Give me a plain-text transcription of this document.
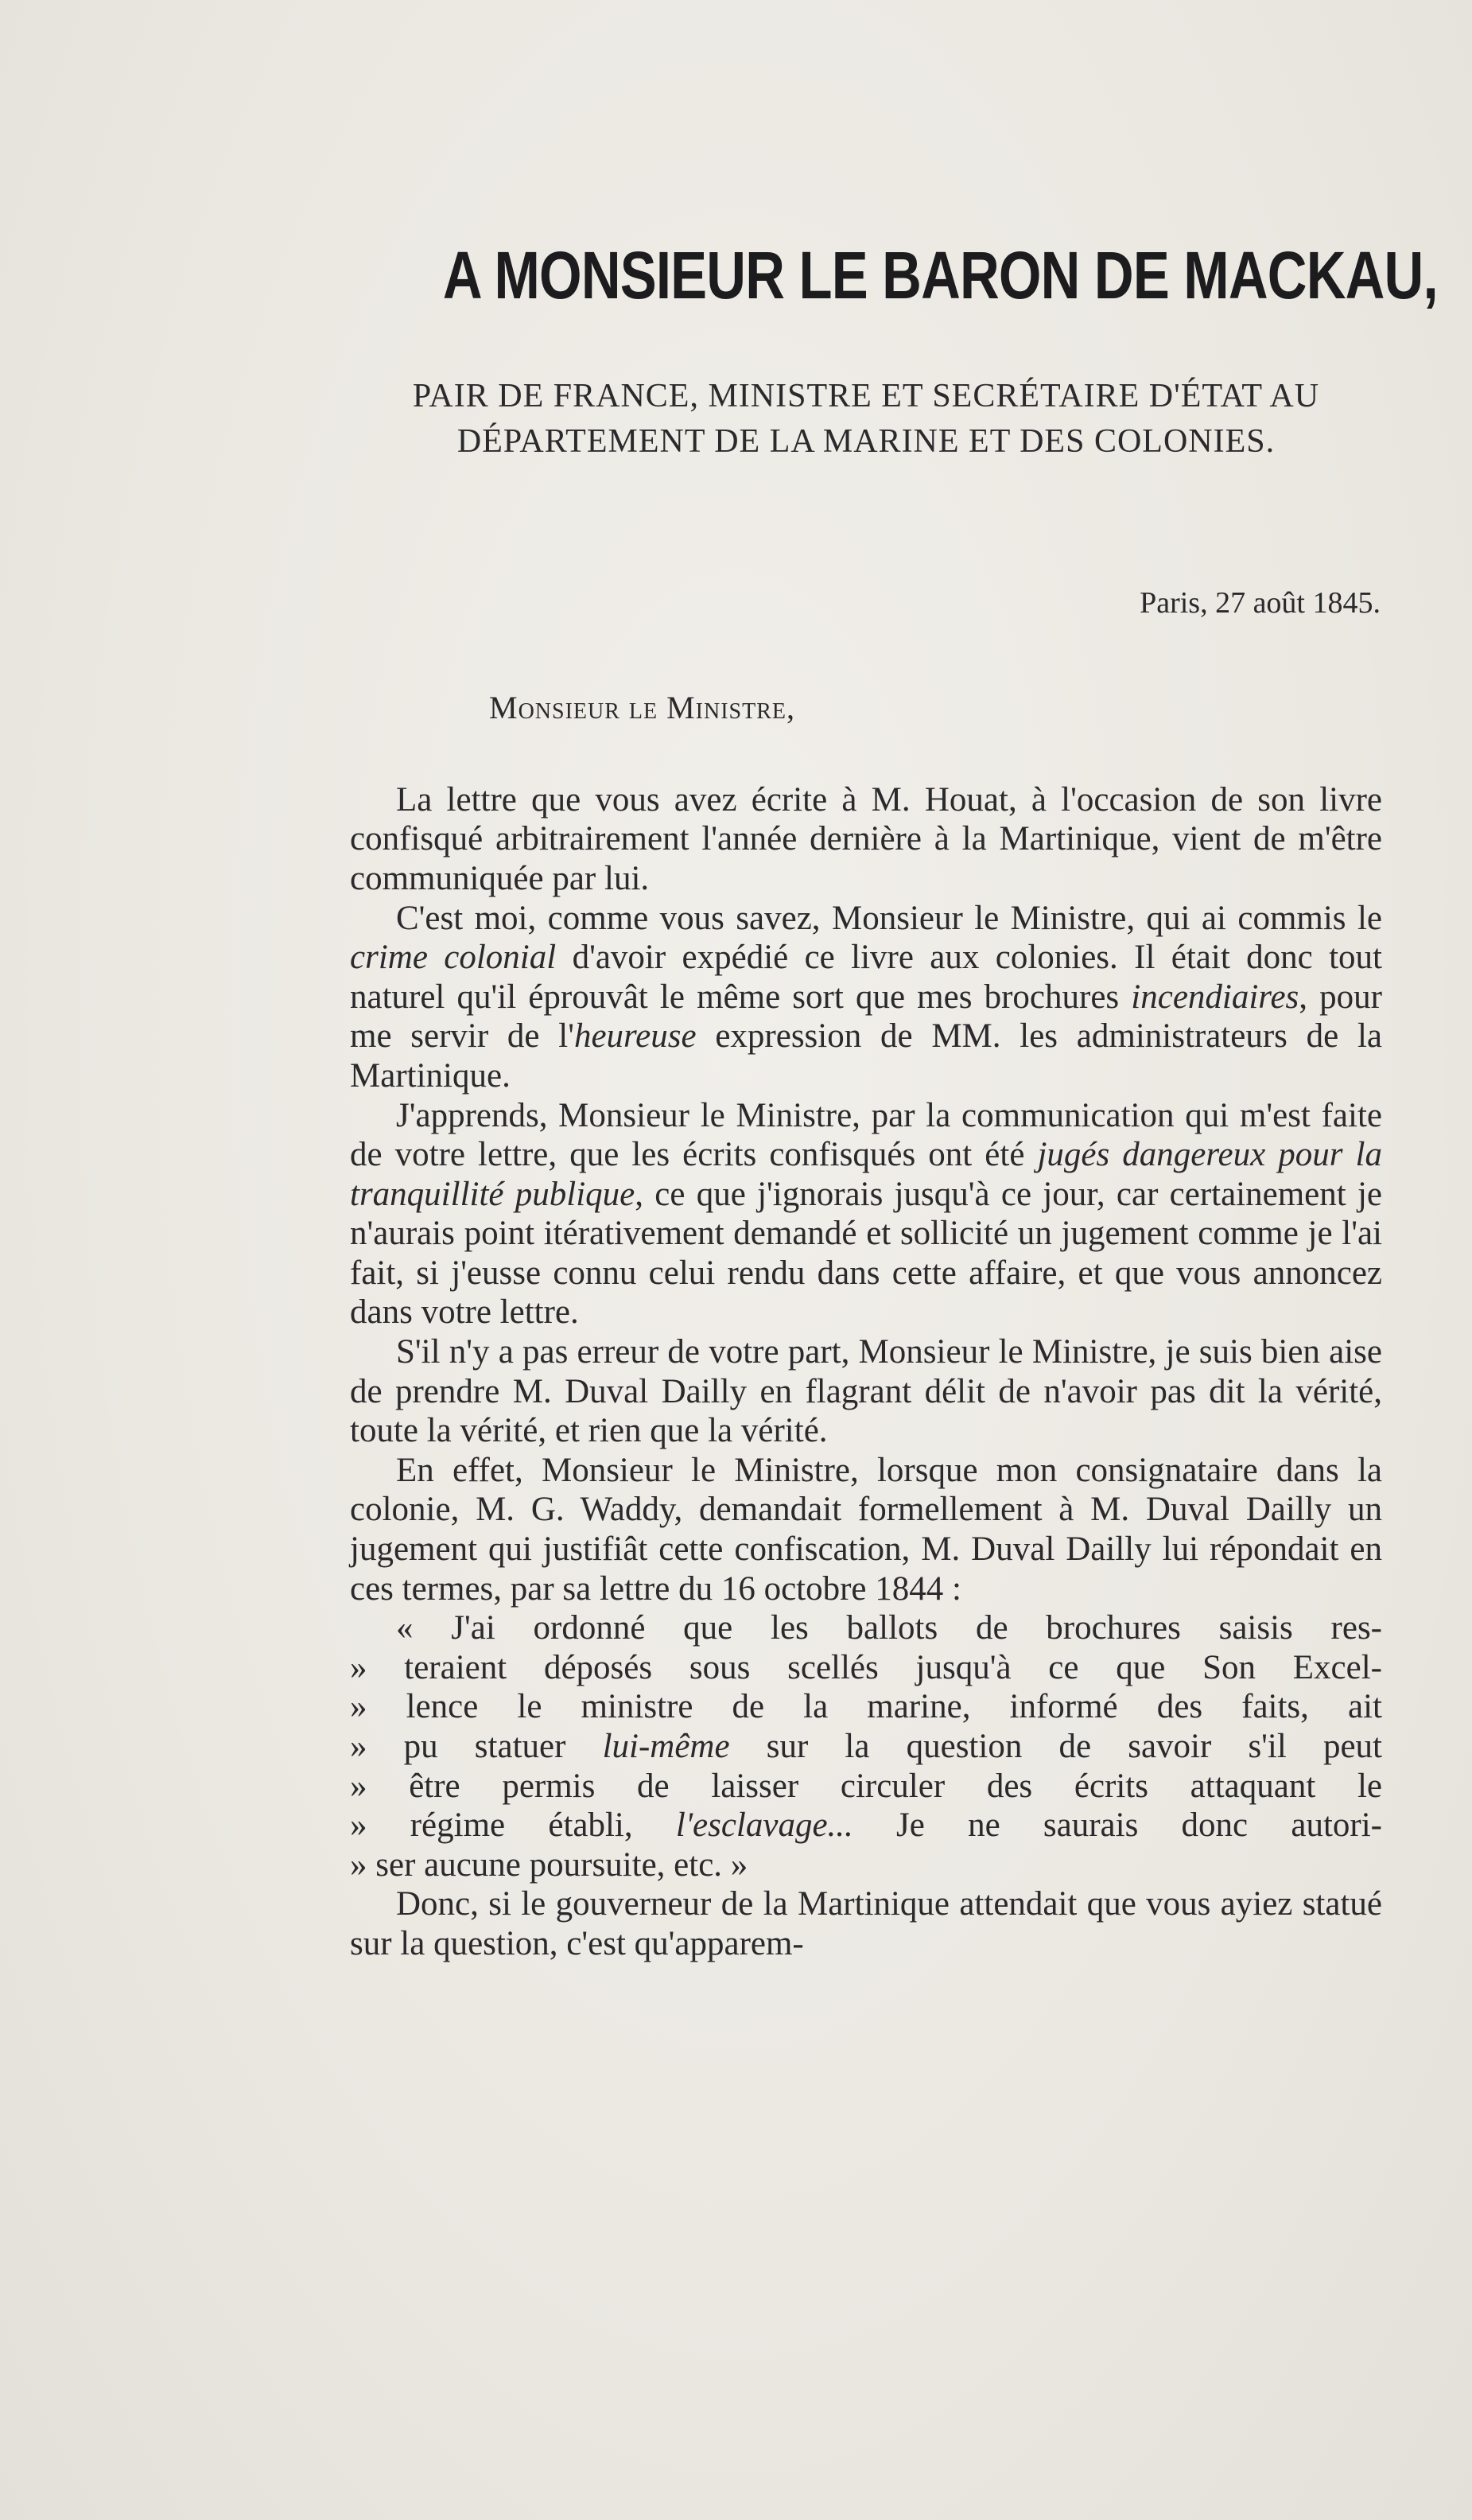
A MONSIEUR LE BARON DE MACKAU,
PAIR DE FRANCE, MINISTRE ET SECRÉTAIRE D'ÉTAT AU
DÉPARTEMENT DE LA MARINE ET DES COLONIES.
Paris, 27 août 1845.
Monsieur le Ministre,

La lettre que vous avez écrite à M. Houat, à l'occasion de son livre confisqué arbitrairement l'année dernière à la Martinique, vient de m'être communiquée par lui.

C'est moi, comme vous savez, Monsieur le Ministre, qui ai commis le crime colonial d'avoir expédié ce livre aux colonies. Il était donc tout naturel qu'il éprouvât le même sort que mes brochures incendiaires, pour me servir de l'heureuse expression de MM. les administrateurs de la Martinique.

J'apprends, Monsieur le Ministre, par la communication qui m'est faite de votre lettre, que les écrits confisqués ont été jugés dangereux pour la tranquillité publique, ce que j'ignorais jusqu'à ce jour, car certainement je n'aurais point itérativement demandé et sollicité un jugement comme je l'ai fait, si j'eusse connu celui rendu dans cette affaire, et que vous annoncez dans votre lettre.

S'il n'y a pas erreur de votre part, Monsieur le Ministre, je suis bien aise de prendre M. Duval Dailly en flagrant délit de n'avoir pas dit la vérité, toute la vérité, et rien que la vérité.

En effet, Monsieur le Ministre, lorsque mon consignataire dans la colonie, M. G. Waddy, demandait formellement à M. Duval Dailly un jugement qui justifiât cette confiscation, M. Duval Dailly lui répondait en ces termes, par sa lettre du 16 octobre 1844 :

« J'ai ordonné que les ballots de brochures saisis res-
» teraient déposés sous scellés jusqu'à ce que Son Excel-
» lence le ministre de la marine, informé des faits, ait
» pu statuer lui-même sur la question de savoir s'il peut
» être permis de laisser circuler des écrits attaquant le
» régime établi, l'esclavage... Je ne saurais donc autori-
» ser aucune poursuite, etc. »

Donc, si le gouverneur de la Martinique attendait que vous ayiez statué sur la question, c'est qu'apparem-
